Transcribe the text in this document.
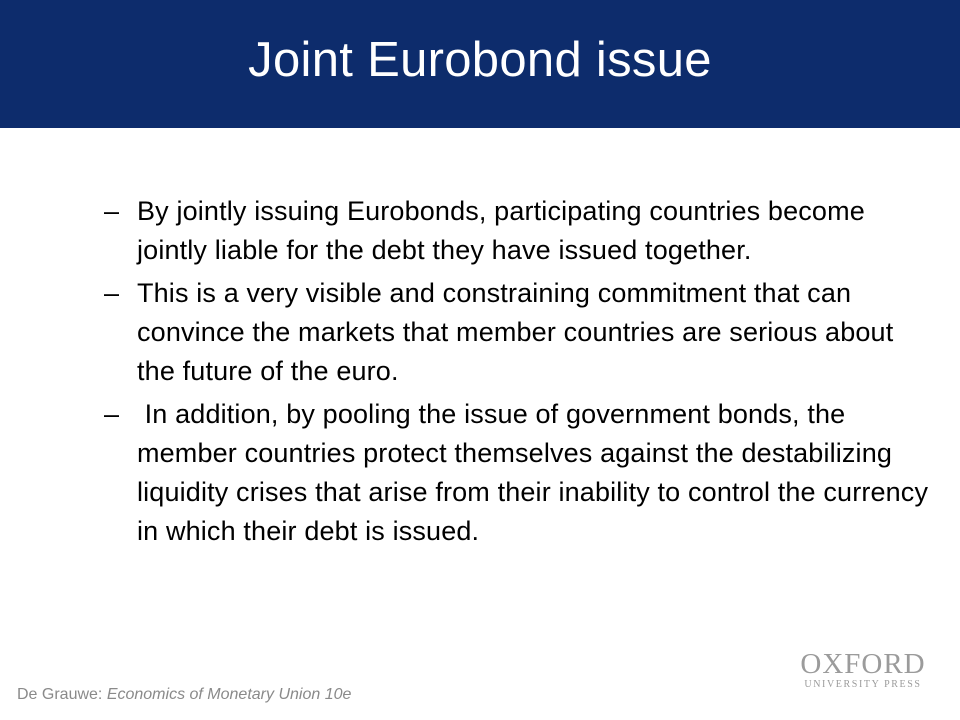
Joint Eurobond issue
– By jointly issuing Eurobonds, participating countries become jointly liable for the debt they have issued together.
– This is a very visible and constraining commitment that can convince the markets that member countries are serious about the future of the euro.
– In addition, by pooling the issue of government bonds, the member countries protect themselves against the destabilizing liquidity crises that arise from their inability to control the currency in which their debt is issued.
De Grauwe: Economics of Monetary Union 10e
OXFORD
UNIVERSITY PRESS
